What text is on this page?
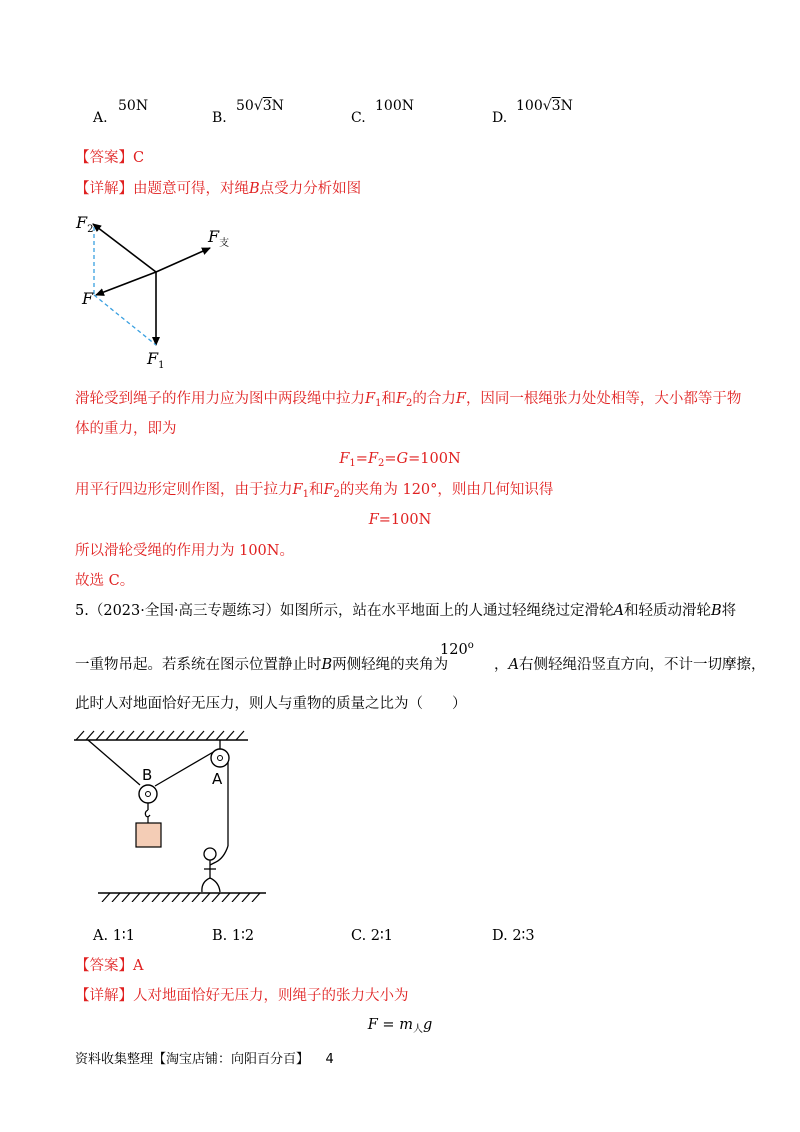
A.
50N
B.
50√3N
C.
100N
D.
100√3N
【答案】C
【详解】由题意可得，对绳B点受力分析如图
$F_2$	$F_支$
F
$F_1$
滑轮受到绳子的作用力应为图中两段绳中拉力$F_1$和$F_2$的合力F，因同一根绳张力处处相等，大小都等于物
体的重力，即为
$F_1=F_2=G=100N$
用平行四边形定则作图，由于拉力$F_1$和$F_2$的夹角为 120°，则由几何知识得
F=100N
所以滑轮受绳的作用力为 100N。
故选 C。
5.（2023·全国·高三专题练习）如图所示，站在水平地面上的人通过轻绳绕过定滑轮A和轻质动滑轮B将
一重物吊起。若系统在图示位置静止时B两侧轻绳的夹角为
120$^o$
，A右侧轻绳沿竖直方向，不计一切摩擦，
此时人对地面恰好无压力，则人与重物的质量之比为（　　）
B	A
A. 1∶1	B. 1∶2	C. 2∶1	D. 2∶3
【答案】A
【详解】人对地面恰好无压力，则绳子的张力大小为
$F = m_人g$
资料收集整理【淘宝店铺：向阳百分百】 4
